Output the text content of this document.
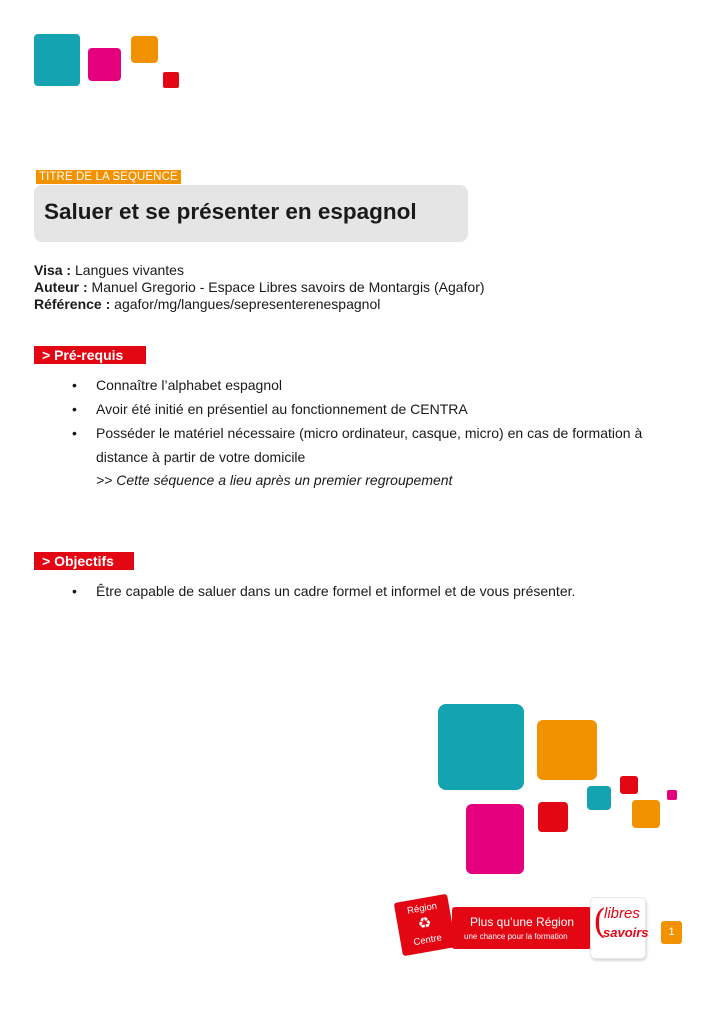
TITRE DE LA SEQUENCE
Saluer et se présenter en espagnol
Visa : Langues vivantes
Auteur : Manuel Gregorio - Espace Libres savoirs de Montargis (Agafor)
Référence : agafor/mg/langues/sepresenterenespagnol
> Pré-requis
• Connaître l’alphabet espagnol
• Avoir été initié en présentiel au fonctionnement de CENTRA
• Posséder le matériel nécessaire (micro ordinateur, casque, micro) en cas de formation à
distance à partir de votre domicile
>> Cette séquence a lieu après un premier regroupement
> Objectifs
• Être capable de saluer dans un cadre formel et informel et de vous présenter.
Région
♻
Centre
Plus qu’une Région
une chance pour la formation (
libres
savoirs	1
